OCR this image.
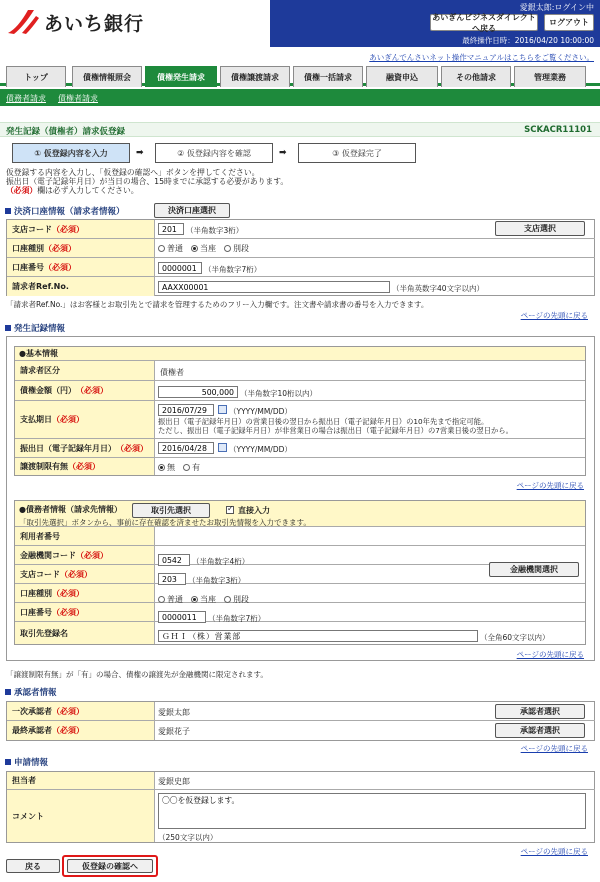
あいち銀行
愛銀太郎:ログイン中
あいぎんビジネスダイレクトへ戻る
ログアウト
最終操作日時：2016/04/20 10:00:00
あいぎんでんさいネット操作マニュアルはこちらをご覧ください。
トップ	債権情報照会	債権発生請求	債権譲渡請求	債権一括請求	融資申込	その他請求	管理業務
債務者請求 債権者請求
発生記録（債権者）請求仮登録	SCKACR11101
① 仮登録内容を入力	➡	② 仮登録内容を確認	➡	③ 仮登録完了
仮登録する内容を入力し、「仮登録の確認へ」ボタンを押してください。
振出日（電子記録年月日）が当日の場合、15時までに承認する必要があります。
（必須）欄は必ず入力してください。
決済口座情報（請求者情報）	決済口座選択
支店コード （必須）
口座種別 （必須）
口座番号 （必須）
請求者Ref.No.
201
（半角数字3桁）	支店選択
普通 当座 別段
0000001
（半角数字7桁）
AAXX00001
（半角英数字40文字以内）
「請求者Ref.No.」はお客様とお取引先とで請求を管理するためのフリー入力欄です。注文書や請求書の番号を入力できます。
ページの先頭に戻る
発生記録情報
●基本情報
請求者区分
債権金額（円） （必須）
支払期日 （必須）
振出日（電子記録年月日） （必須）
譲渡制限有無 （必須）
債権者
500,000
（半角数字10桁以内）
2016/07/29
（YYYY/MM/DD）
振出日（電子記録年月日）の営業日後の翌日から振出日（電子記録年月日）の10年先まで指定可能。
ただし、振出日（電子記録年月日）が非営業日の場合は振出日（電子記録年月日）の7営業日後の翌日から。
2016/04/28
（YYYY/MM/DD）
無 有
ページの先頭に戻る
●債務者情報（請求先情報）
「取引先選択」ボタンから、事前に存在確認を済ませたお取引先情報を入力できます。
利用者番号
金融機関コード （必須）
支店コード （必須）
口座種別 （必須）
口座番号 （必須）
取引先登録名
取引先選択
✓	直接入力
0542
（半角数字4桁）
金融機関選択
203
（半角数字3桁）
普通 当座 別段
0000011
（半角数字7桁）
ＧＨＩ（株）営業部
（全角60文字以内）
ページの先頭に戻る
「譲渡制限有無」が「有」の場合、債権の譲渡先が金融機関に限定されます。
承認者情報
一次承認者 （必須）
最終承認者 （必須）
愛銀太郎	承認者選択
愛銀花子	承認者選択
ページの先頭に戻る
申請情報
担当者
コメント
愛銀史郎
〇〇を仮登録します。
（250文字以内）
ページの先頭に戻る
戻る	仮登録の確認へ
